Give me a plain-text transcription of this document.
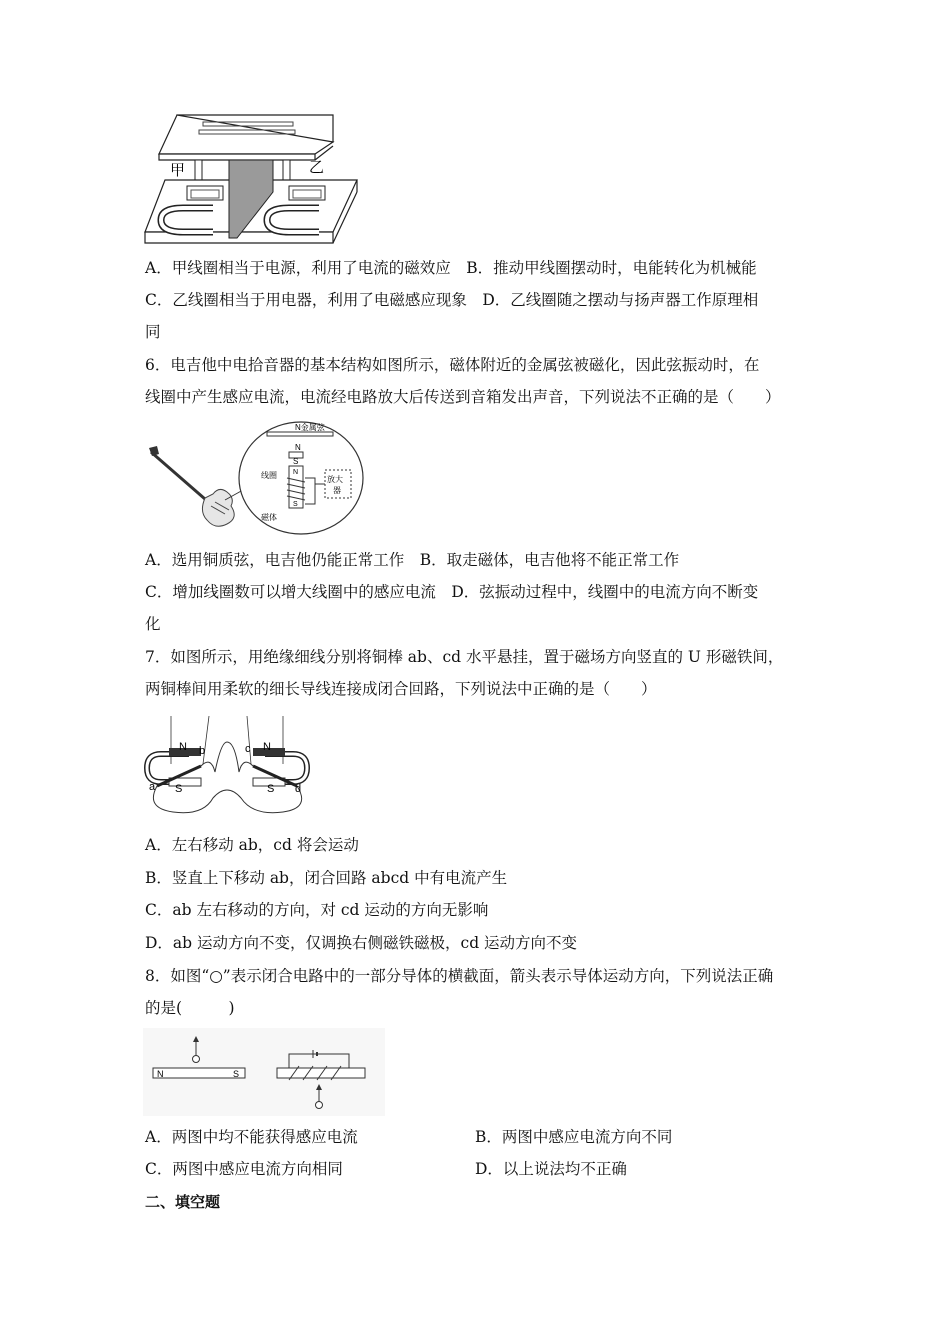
甲	乙
A．甲线圈相当于电源，利用了电流的磁效应　B．推动甲线圈摆动时，电能转化为机械能
C．乙线圈相当于用电器，利用了电磁感应现象　D．乙线圈随之摆动与扬声器工作原理相
同
6．电吉他中电拾音器的基本结构如图所示，磁体附近的金属弦被磁化，因此弦振动时，在
线圈中产生感应电流，电流经电路放大后传送到音箱发出声音，下列说法不正确的是（　　）
N金属弦
N
S
N
S
放大
器
线圈
磁体
A．选用铜质弦，电吉他仍能正常工作　B．取走磁体，电吉他将不能正常工作
C．增加线圈数可以增大线圈中的感应电流　D．弦振动过程中，线圈中的电流方向不断变
化
7．如图所示，用绝缘细线分别将铜棒 ab、cd 水平悬挂，置于磁场方向竖直的 U 形磁铁间，
两铜棒间用柔软的细长导线连接成闭合回路，下列说法中正确的是（　　）
N b	c N
a S	S d
A．左右移动 ab，cd 将会运动
B．竖直上下移动 ab，闭合回路 abcd 中有电流产生
C．ab 左右移动的方向，对 cd 运动的方向无影响
D．ab 运动方向不变，仅调换右侧磁铁磁极，cd 运动方向不变
8．如图“○”表示闭合电路中的一部分导体的横截面，箭头表示导体运动方向，下列说法正确
的是(　　　)
N	S
A．两图中均不能获得感应电流	B．两图中感应电流方向不同
C．两图中感应电流方向相同	D．以上说法均不正确
二、填空题
